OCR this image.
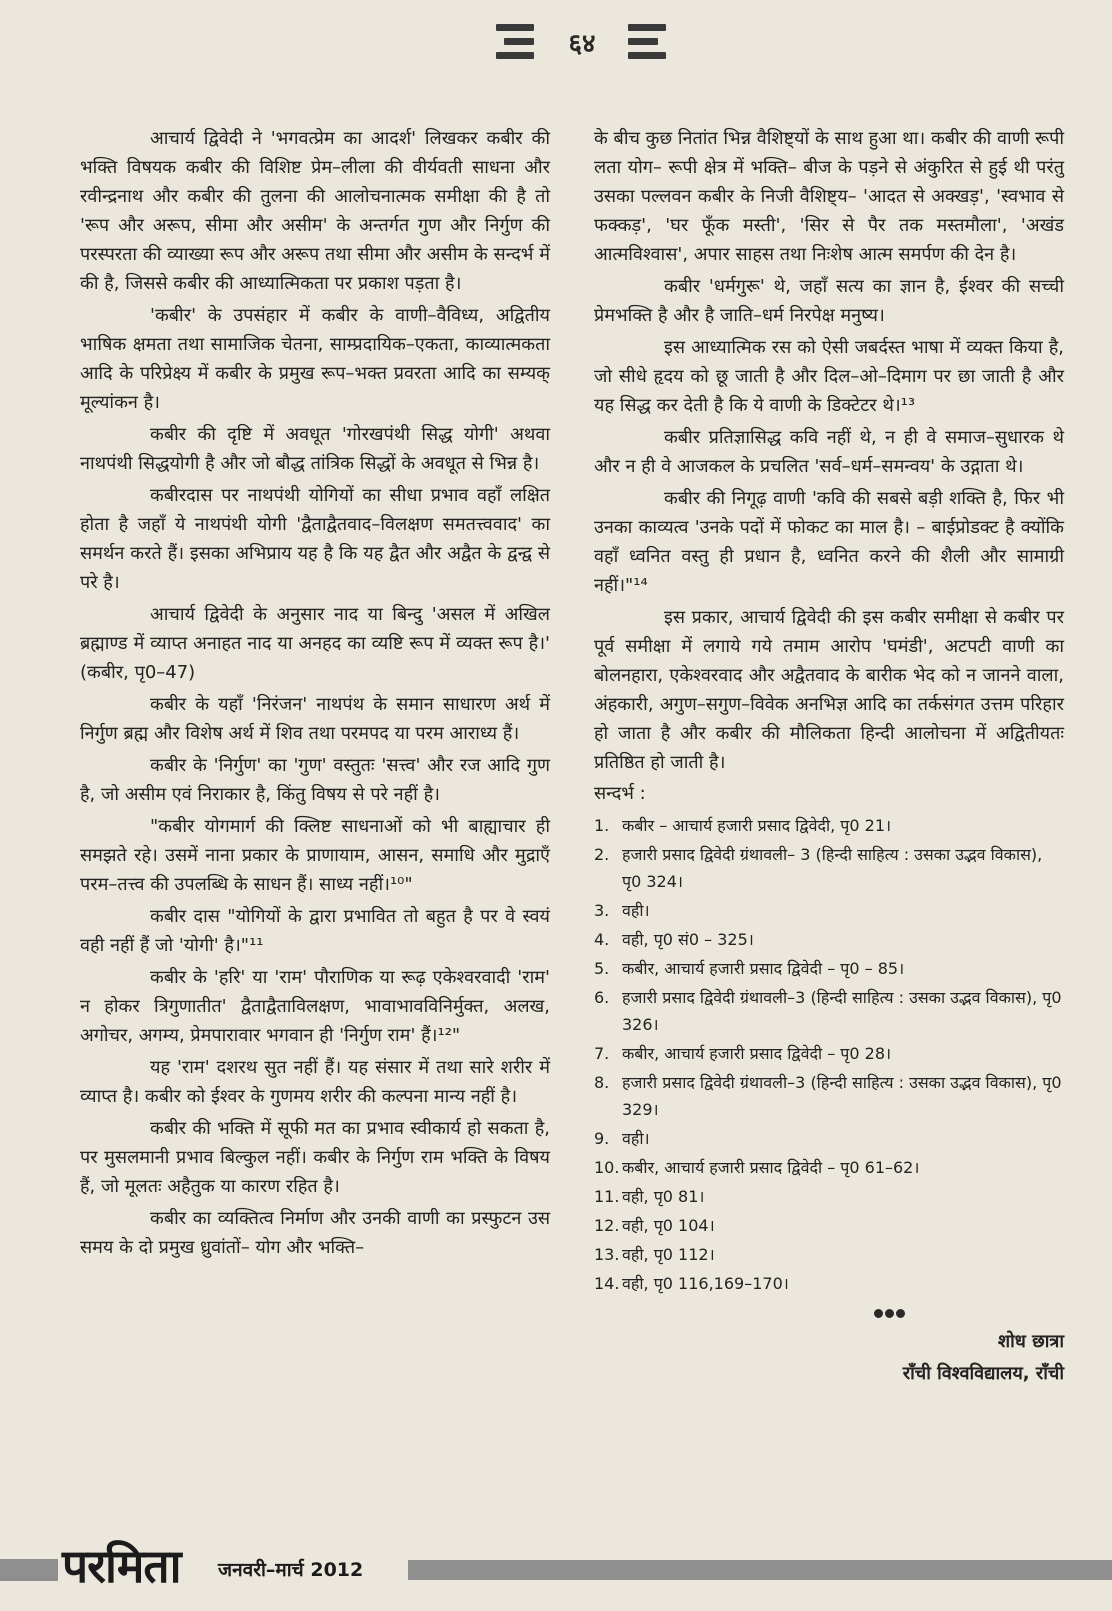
६४

आचार्य द्विवेदी ने 'भगवत्प्रेम का आदर्श' लिखकर कबीर की भक्ति विषयक कबीर की विशिष्ट प्रेम–लीला की वीर्यवती साधना और रवीन्द्रनाथ और कबीर की तुलना की आलोचनात्मक समीक्षा की है तो 'रूप और अरूप, सीमा और असीम' के अन्तर्गत गुण और निर्गुण की परस्परता की व्याख्या रूप और अरूप तथा सीमा और असीम के सन्दर्भ में की है, जिससे कबीर की आध्यात्मिकता पर प्रकाश पड़ता है।

'कबीर' के उपसंहार में कबीर के वाणी–वैविध्य, अद्वितीय भाषिक क्षमता तथा सामाजिक चेतना, साम्प्रदायिक–एकता, काव्यात्मकता आदि के परिप्रेक्ष्य में कबीर के प्रमुख रूप–भक्त प्रवरता आदि का सम्यक् मूल्यांकन है।

कबीर की दृष्टि में अवधूत 'गोरखपंथी सिद्ध योगी' अथवा नाथपंथी सिद्धयोगी है और जो बौद्ध तांत्रिक सिद्धों के अवधूत से भिन्न है।

कबीरदास पर नाथपंथी योगियों का सीधा प्रभाव वहाँ लक्षित होता है जहाँ ये नाथपंथी योगी 'द्वैताद्वैतवाद–विलक्षण समतत्त्ववाद' का समर्थन करते हैं। इसका अभिप्राय यह है कि यह द्वैत और अद्वैत के द्वन्द्व से परे है।

आचार्य द्विवेदी के अनुसार नाद या बिन्दु 'असल में अखिल ब्रह्माण्ड में व्याप्त अनाहत नाद या अनहद का व्यष्टि रूप में व्यक्त रूप है।' (कबीर, पृ0–47)

कबीर के यहाँ 'निरंजन' नाथपंथ के समान साधारण अर्थ में निर्गुण ब्रह्म और विशेष अर्थ में शिव तथा परमपद या परम आराध्य हैं।

कबीर के 'निर्गुण' का 'गुण' वस्तुतः 'सत्त्व' और रज आदि गुण है, जो असीम एवं निराकार है, किंतु विषय से परे नहीं है।

"कबीर योगमार्ग की क्लिष्ट साधनाओं को भी बाह्याचार ही समझते रहे। उसमें नाना प्रकार के प्राणायाम, आसन, समाधि और मुद्राएँ परम–तत्त्व की उपलब्धि के साधन हैं। साध्य नहीं।¹⁰"

कबीर दास "योगियों के द्वारा प्रभावित तो बहुत है पर वे स्वयं वही नहीं हैं जो 'योगी' है।"¹¹

कबीर के 'हरि' या 'राम' पौराणिक या रूढ़ एकेश्वरवादी 'राम' न होकर त्रिगुणातीत' द्वैताद्वैताविलक्षण, भावाभावविनिर्मुक्त, अलख, अगोचर, अगम्य, प्रेमपारावार भगवान ही 'निर्गुण राम' हैं।¹²"

यह 'राम' दशरथ सुत नहीं हैं। यह संसार में तथा सारे शरीर में व्याप्त है। कबीर को ईश्वर के गुणमय शरीर की कल्पना मान्य नहीं है।

कबीर की भक्ति में सूफी मत का प्रभाव स्वीकार्य हो सकता है, पर मुसलमानी प्रभाव बिल्कुल नहीं। कबीर के निर्गुण राम भक्ति के विषय हैं, जो मूलतः अहैतुक या कारण रहित है।

कबीर का व्यक्तित्व निर्माण और उनकी वाणी का प्रस्फुटन उस समय के दो प्रमुख ध्रुवांतों– योग और भक्ति–

के बीच कुछ नितांत भिन्न वैशिष्ट्यों के साथ हुआ था। कबीर की वाणी रूपी लता योग– रूपी क्षेत्र में भक्ति– बीज के पड़ने से अंकुरित से हुई थी परंतु उसका पल्लवन कबीर के निजी वैशिष्ट्य– 'आदत से अक्खड़', 'स्वभाव से फक्कड़', 'घर फूँक मस्ती', 'सिर से पैर तक मस्तमौला', 'अखंड आत्मविश्वास', अपार साहस तथा निःशेष आत्म समर्पण की देन है।

कबीर 'धर्मगुरू' थे, जहाँ सत्य का ज्ञान है, ईश्वर की सच्ची प्रेमभक्ति है और है जाति–धर्म निरपेक्ष मनुष्य।

इस आध्यात्मिक रस को ऐसी जबर्दस्त भाषा में व्यक्त किया है, जो सीधे हृदय को छू जाती है और दिल–ओ–दिमाग पर छा जाती है और यह सिद्ध कर देती है कि ये वाणी के डिक्टेटर थे।¹³

कबीर प्रतिज्ञासिद्ध कवि नहीं थे, न ही वे समाज–सुधारक थे और न ही वे आजकल के प्रचलित 'सर्व–धर्म–समन्वय' के उद्गाता थे।

कबीर की निगूढ़ वाणी 'कवि की सबसे बड़ी शक्ति है, फिर भी उनका काव्यत्व 'उनके पदों में फोकट का माल है। – बाईप्रोडक्ट है क्योंकि वहाँ ध्वनित वस्तु ही प्रधान है, ध्वनित करने की शैली और सामाग्री नहीं।"¹⁴

इस प्रकार, आचार्य द्विवेदी की इस कबीर समीक्षा से कबीर पर पूर्व समीक्षा में लगाये गये तमाम आरोप 'घमंडी', अटपटी वाणी का बोलनहारा, एकेश्वरवाद और अद्वैतवाद के बारीक भेद को न जानने वाला, अंहकारी, अगुण–सगुण–विवेक अनभिज्ञ आदि का तर्कसंगत उत्तम परिहार हो जाता है और कबीर की मौलिकता हिन्दी आलोचना में अद्वितीयतः प्रतिष्ठित हो जाती है।

सन्दर्भ :

1. कबीर – आचार्य हजारी प्रसाद द्विवेदी, पृ0 21।
2. हजारी प्रसाद द्विवेदी ग्रंथावली– 3 (हिन्दी साहित्य : उसका उद्भव विकास), पृ0 324।
3. वही।
4. वही, पृ0 सं0 – 325।
5. कबीर, आचार्य हजारी प्रसाद द्विवेदी – पृ0 – 85।
6. हजारी प्रसाद द्विवेदी ग्रंथावली–3 (हिन्दी साहित्य : उसका उद्भव विकास), पृ0 326।
7. कबीर, आचार्य हजारी प्रसाद द्विवेदी – पृ0 28।
8. हजारी प्रसाद द्विवेदी ग्रंथावली–3 (हिन्दी साहित्य : उसका उद्भव विकास), पृ0 329।
9. वही।
10. कबीर, आचार्य हजारी प्रसाद द्विवेदी – पृ0 61–62।
11. वही, पृ0 81।
12. वही, पृ0 104।
13. वही, पृ0 112।
14. वही, पृ0 116,169–170।

शोध छात्रा

राँची विश्वविद्यालय, राँची

परमिता जनवरी–मार्च 2012
